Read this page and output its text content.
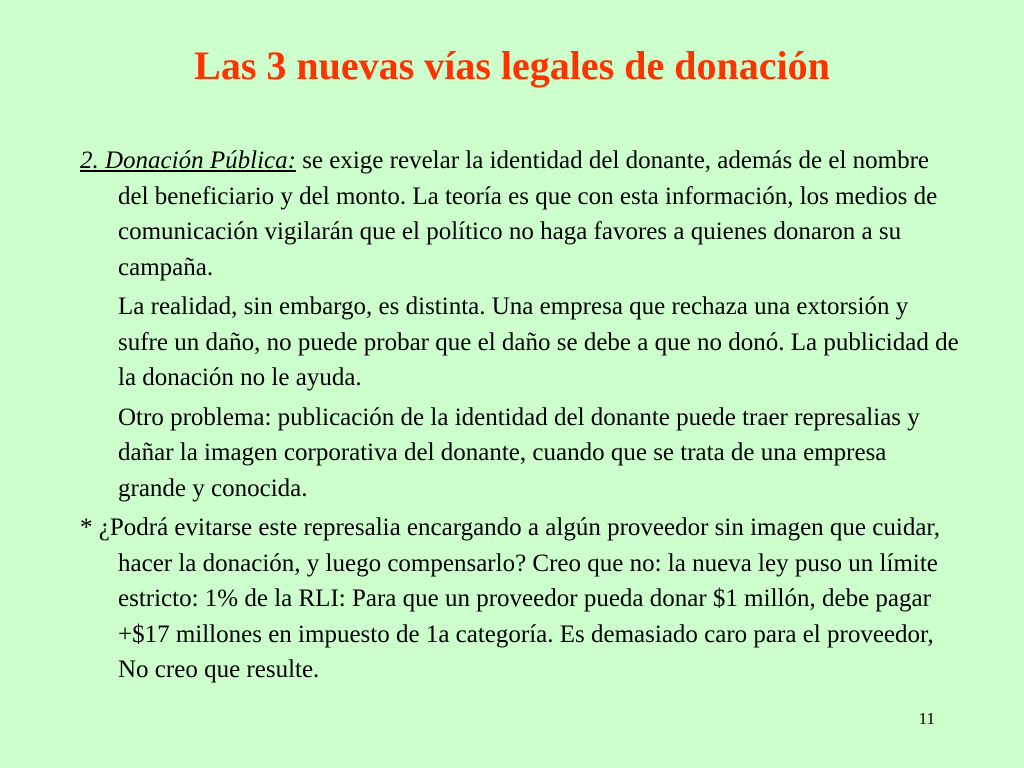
Las 3 nuevas vías legales de donación

2. Donación Pública: se exige revelar la identidad del donante, además de el nombre del beneficiario y del monto. La teoría es que con esta información, los medios de comunicación vigilarán que el político no haga favores a quienes donaron a su campaña.

La realidad, sin embargo, es distinta. Una empresa que rechaza una extorsión y sufre un daño, no puede probar que el daño se debe a que no donó. La publicidad de la donación no le ayuda.

Otro problema: publicación de la identidad del donante puede traer represalias y dañar la imagen corporativa del donante, cuando que se trata de una empresa grande y conocida.

* ¿Podrá evitarse este represalia encargando a algún proveedor sin imagen que cuidar, hacer la donación, y luego compensarlo? Creo que no: la nueva ley puso un límite estricto: 1% de la RLI: Para que un proveedor pueda donar $1 millón, debe pagar +$17 millones en impuesto de 1a categoría. Es demasiado caro para el proveedor, No creo que resulte.

11
